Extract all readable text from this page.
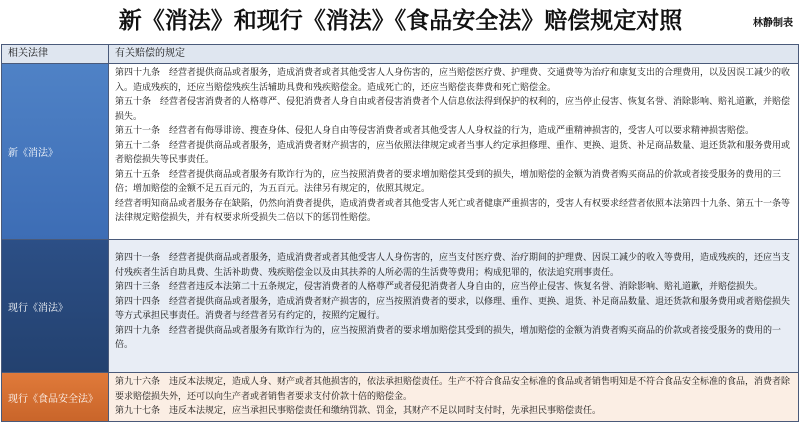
新《消法》和现行《消法》《食品安全法》赔偿规定对照	林静制表
相关法律	有关赔偿的规定
新《消法》

第四十九条　经营者提供商品或者服务，造成消费者或者其他受害人人身伤害的，应当赔偿医疗费、护理费、交通费等为治疗和康复支出的合理费用，以及因误工减少的收入。造成残疾的，还应当赔偿残疾生活辅助具费和残疾赔偿金。造成死亡的，还应当赔偿丧葬费和死亡赔偿金。

第五十条　经营者侵害消费者的人格尊严、侵犯消费者人身自由或者侵害消费者个人信息依法得到保护的权利的，应当停止侵害、恢复名誉、消除影响、赔礼道歉，并赔偿损失。

第五十一条　经营者有侮辱诽谤、搜查身体、侵犯人身自由等侵害消费者或者其他受害人人身权益的行为，造成严重精神损害的，受害人可以要求精神损害赔偿。

第五十二条　经营者提供商品或者服务，造成消费者财产损害的，应当依照法律规定或者当事人约定承担修理、重作、更换、退货、补足商品数量、退还货款和服务费用或者赔偿损失等民事责任。

第五十五条　经营者提供商品或者服务有欺诈行为的，应当按照消费者的要求增加赔偿其受到的损失，增加赔偿的金额为消费者购买商品的价款或者接受服务的费用的三倍；增加赔偿的金额不足五百元的，为五百元。法律另有规定的，依照其规定。

经营者明知商品或者服务存在缺陷，仍然向消费者提供，造成消费者或者其他受害人死亡或者健康严重损害的，受害人有权要求经营者依照本法第四十九条、第五十一条等法律规定赔偿损失，并有权要求所受损失二倍以下的惩罚性赔偿。

现行《消法》

第四十一条　经营者提供商品或者服务，造成消费者或者其他受害人人身伤害的，应当支付医疗费、治疗期间的护理费、因误工减少的收入等费用，造成残疾的，还应当支付残疾者生活自助具费、生活补助费、残疾赔偿金以及由其扶养的人所必需的生活费等费用；构成犯罪的，依法追究刑事责任。

第四十三条　经营者违反本法第二十五条规定，侵害消费者的人格尊严或者侵犯消费者人身自由的，应当停止侵害、恢复名誉、消除影响、赔礼道歉，并赔偿损失。

第四十四条　经营者提供商品或者服务，造成消费者财产损害的，应当按照消费者的要求，以修理、重作、更换、退货、补足商品数量、退还货款和服务费用或者赔偿损失等方式承担民事责任。消费者与经营者另有约定的，按照约定履行。

第四十九条　经营者提供商品或者服务有欺诈行为的，应当按照消费者的要求增加赔偿其受到的损失，增加赔偿的金额为消费者购买商品的价款或者接受服务的费用的一倍。

现行《食品安全法》

第九十六条　违反本法规定，造成人身、财产或者其他损害的，依法承担赔偿责任。生产不符合食品安全标准的食品或者销售明知是不符合食品安全标准的食品，消费者除要求赔偿损失外，还可以向生产者或者销售者要求支付价款十倍的赔偿金。

第九十七条　违反本法规定，应当承担民事赔偿责任和缴纳罚款、罚金，其财产不足以同时支付时，先承担民事赔偿责任。
